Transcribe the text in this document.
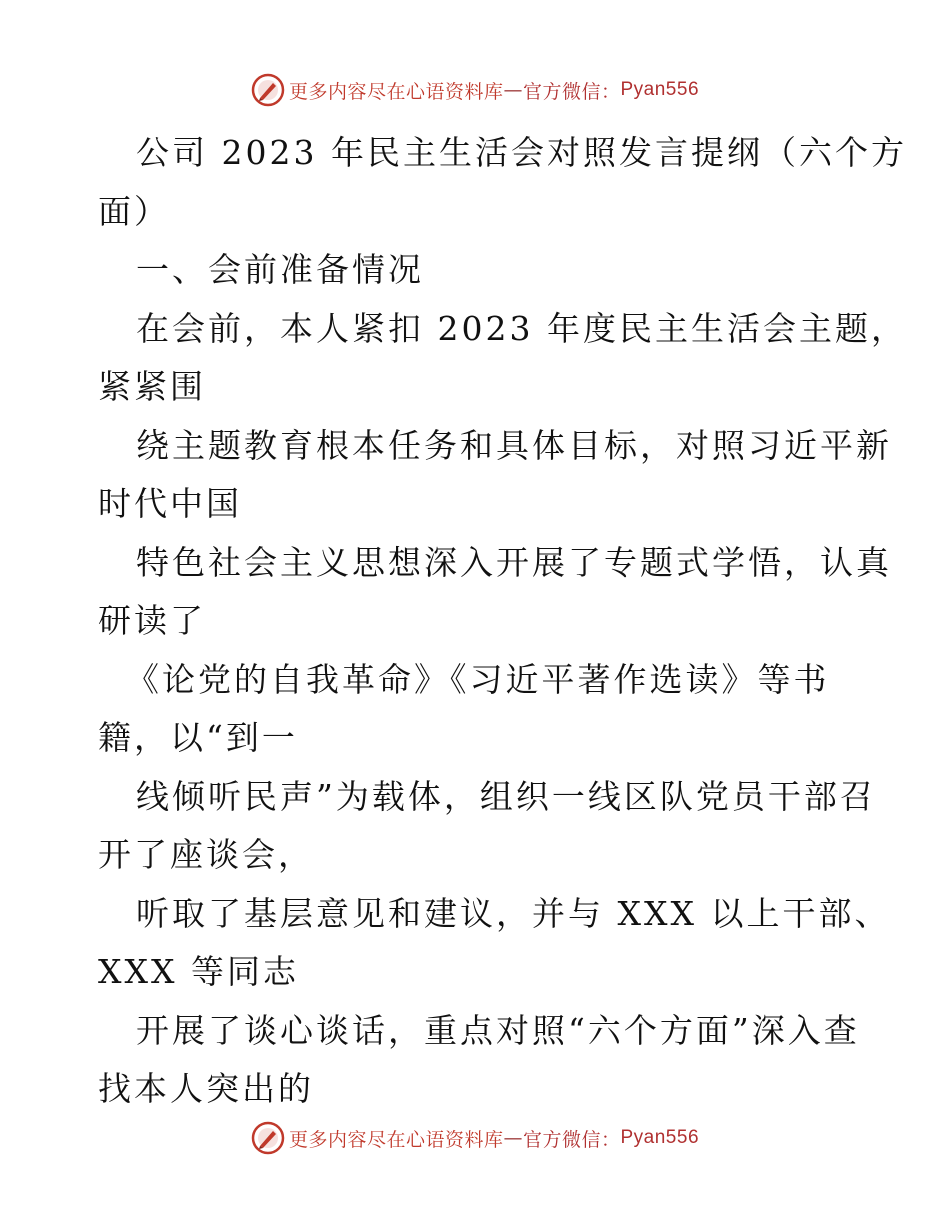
更多内容尽在心语资料库 — 官方微信： Pyan556
公司 2023 年民主生活会对照发言提纲（六个方
面）
一、会前准备情况
在会前，本人紧扣 2023 年度民主生活会主题，
紧紧围
绕主题教育根本任务和具体目标，对照习近平新
时代中国
特色社会主义思想深入开展了专题式学悟，认真
研读了
《论党的自我革命》《习近平著作选读》等书
籍，以“到一
线倾听民声”为载体，组织一线区队党员干部召
开了座谈会，
听取了基层意见和建议，并与 XXX 以上干部、
XXX 等同志
开展了谈心谈话，重点对照“六个方面”深入查
找本人突出的
更多内容尽在心语资料库 — 官方微信： Pyan556
